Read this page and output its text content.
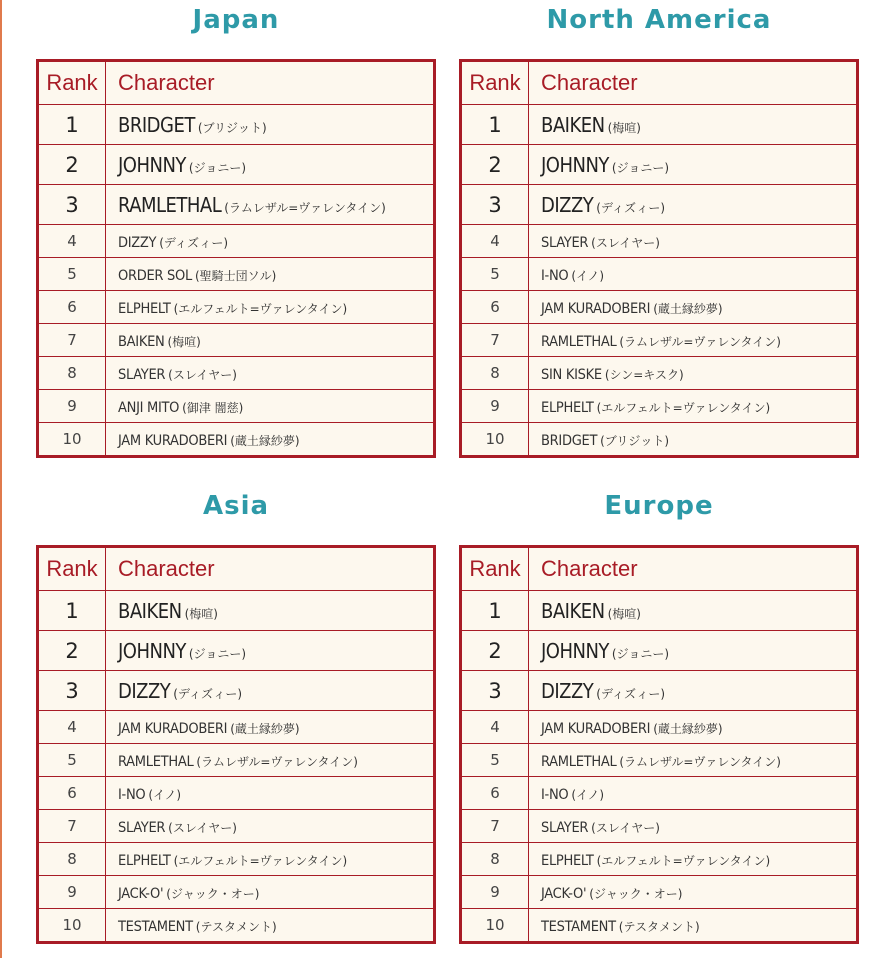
Japan
Rank	Character
1	BRIDGET (ブリジット)
2	JOHNNY (ジョニー)
3	RAMLETHAL (ラムレザル=ヴァレンタイン)
4	DIZZY (ディズィー)
5	ORDER SOL (聖騎士団ソル)
6	ELPHELT (エルフェルト=ヴァレンタイン)
7	BAIKEN (梅喧)
8	SLAYER (スレイヤー)
9	ANJI MITO (御津 闇慈)
10	JAM KURADOBERI (蔵土縁紗夢)
North America
Rank	Character
1	BAIKEN (梅喧)
2	JOHNNY (ジョニー)
3	DIZZY (ディズィー)
4	SLAYER (スレイヤー)
5	I-NO (イノ)
6	JAM KURADOBERI (蔵土縁紗夢)
7	RAMLETHAL (ラムレザル=ヴァレンタイン)
8	SIN KISKE (シン=キスク)
9	ELPHELT (エルフェルト=ヴァレンタイン)
10	BRIDGET (ブリジット)
Asia
Rank	Character
1	BAIKEN (梅喧)
2	JOHNNY (ジョニー)
3	DIZZY (ディズィー)
4	JAM KURADOBERI (蔵土縁紗夢)
5	RAMLETHAL (ラムレザル=ヴァレンタイン)
6	I-NO (イノ)
7	SLAYER (スレイヤー)
8	ELPHELT (エルフェルト=ヴァレンタイン)
9	JACK-O' (ジャック・オー)
10	TESTAMENT (テスタメント)
Europe
Rank	Character
1	BAIKEN (梅喧)
2	JOHNNY (ジョニー)
3	DIZZY (ディズィー)
4	JAM KURADOBERI (蔵土縁紗夢)
5	RAMLETHAL (ラムレザル=ヴァレンタイン)
6	I-NO (イノ)
7	SLAYER (スレイヤー)
8	ELPHELT (エルフェルト=ヴァレンタイン)
9	JACK-O' (ジャック・オー)
10	TESTAMENT (テスタメント)
